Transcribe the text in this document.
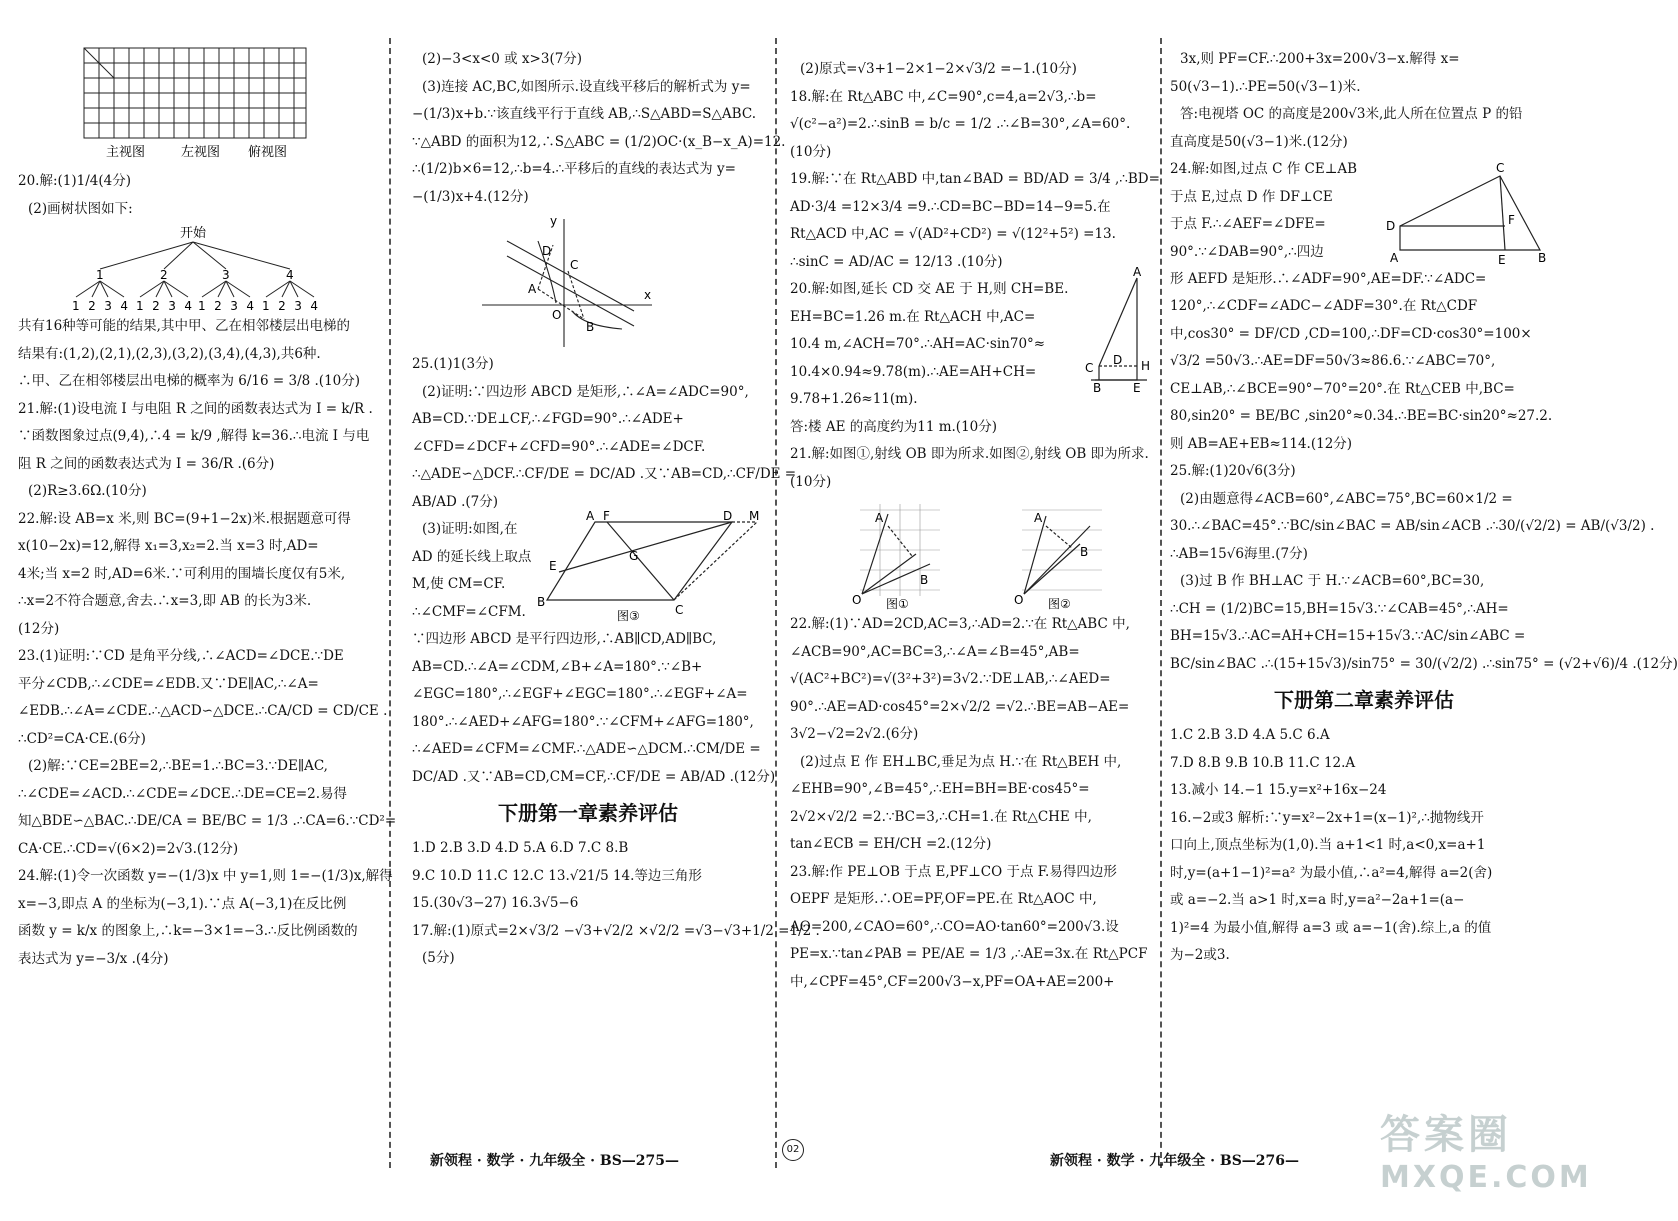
主视图	左视图 俯视图
20.解:(1)1/4(4分)
(2)画树状图如下:
开始
1	2	3	4
1 2 3 4 1 2 3 4 1 2 3 4 1 2 3 4
共有16种等可能的结果,其中甲、乙在相邻楼层出电梯的
结果有:(1,2),(2,1),(2,3),(3,2),(3,4),(4,3),共6种.
∴甲、乙在相邻楼层出电梯的概率为 6/16 = 3/8 .(10分)
21.解:(1)设电流 I 与电阻 R 之间的函数表达式为 I = k/R .
∵函数图象过点(9,4),∴4 = k/9 ,解得 k=36.∴电流 I 与电
阻 R 之间的函数表达式为 I = 36/R .(6分)
(2)R≥3.6Ω.(10分)
22.解:设 AB=x 米,则 BC=(9+1−2x)米.根据题意可得
x(10−2x)=12,解得 x₁=3,x₂=2.当 x=3 时,AD=
4米;当 x=2 时,AD=6米.∵可利用的围墙长度仅有5米,
∴x=2不符合题意,舍去.∴x=3,即 AB 的长为3米.
(12分)
23.(1)证明:∵CD 是角平分线,∴∠ACD=∠DCE.∵DE
平分∠CDB,∴∠CDE=∠EDB.又∵DE∥AC,∴∠A=
∠EDB.∴∠A=∠CDE.∴△ACD∽△DCE.∴CA/CD = CD/CE .
∴CD²=CA·CE.(6分)
(2)解:∵CE=2BE=2,∴BE=1.∴BC=3.∵DE∥AC,
∴∠CDE=∠ACD.∴∠CDE=∠DCE.∴DE=CE=2.易得
知△BDE∽△BAC.∴DE/CA = BE/BC = 1/3 .∴CA=6.∵CD²=
CA·CE.∴CD=√(6×2)=2√3.(12分)
24.解:(1)令一次函数 y=−(1/3)x 中 y=1,则 1=−(1/3)x,解得
x=−3,即点 A 的坐标为(−3,1).∵点 A(−3,1)在反比例
函数 y = k/x 的图象上,∴k=−3×1=−3.∴反比例函数的
表达式为 y=−3/x .(4分)
(2)−3<x<0 或 x>3(7分)
(3)连接 AC,BC,如图所示.设直线平移后的解析式为 y=
−(1/3)x+b.∵该直线平行于直线 AB,∴S△ABD=S△ABC.
∵△ABD 的面积为12,∴S△ABC = (1/2)OC·(x_B−x_A)=12.
∴(1/2)b×6=12,∴b=4.∴平移后的直线的表达式为 y=
−(1/3)x+4.(12分)
y
x
O
A
B
C
D
25.(1)1(3分)
(2)证明:∵四边形 ABCD 是矩形,∴∠A=∠ADC=90°,
AB=CD.∵DE⊥CF,∴∠FGD=90°.∴∠ADE+
∠CFD=∠DCF+∠CFD=90°.∴∠ADE=∠DCF.
∴△ADE∽△DCF.∴CF/DE = DC/AD .又∵AB=CD,∴CF/DE =
AB/AD .(7分)
(3)证明:如图,在
AD 的延长线上取点
M,使 CM=CF.
∴∠CMF=∠CFM.
A F	D M
E
G
B
C
图③
∵四边形 ABCD 是平行四边形,∴AB∥CD,AD∥BC,
AB=CD.∴∠A=∠CDM,∠B+∠A=180°.∵∠B+
∠EGC=180°,∴∠EGF+∠EGC=180°.∴∠EGF+∠A=
180°.∴∠AED+∠AFG=180°.∵∠CFM+∠AFG=180°,
∴∠AED=∠CFM=∠CMF.∴△ADE∽△DCM.∴CM/DE =
DC/AD .又∵AB=CD,CM=CF,∴CF/DE = AB/AD .(12分)
下册第一章素养评估
1.D 2.B 3.D 4.D 5.A 6.D 7.C 8.B
9.C 10.D 11.C 12.C 13.√21/5 14.等边三角形
15.(30√3−27) 16.3√5−6
17.解:(1)原式=2×√3/2 −√3+√2/2 ×√2/2 =√3−√3+1/2 =1/2 .
(5分)
(2)原式=√3+1−2×1−2×√3/2 =−1.(10分)
18.解:在 Rt△ABC 中,∠C=90°,c=4,a=2√3,∴b=
√(c²−a²)=2.∴sinB = b/c = 1/2 .∴∠B=30°,∠A=60°.
(10分)
19.解:∵在 Rt△ABD 中,tan∠BAD = BD/AD = 3/4 ,∴BD=
AD·3/4 =12×3/4 =9.∴CD=BC−BD=14−9=5.在
Rt△ACD 中,AC = √(AD²+CD²) = √(12²+5²) =13.
∴sinC = AD/AC = 12/13 .(10分)
20.解:如图,延长 CD 交 AE 于 H,则 CH=BE.
EH=BC=1.26 m.在 Rt△ACH 中,AC=
10.4 m,∠ACH=70°.∴AH=AC·sin70°≈
10.4×0.94≈9.78(m).∴AE=AH+CH=
9.78+1.26≈11(m).
答:楼 AE 的高度约为11 m.(10分)
A
C
D H
B	E
21.解:如图①,射线 OB 即为所求.如图②,射线 OB 即为所求.
(10分)
A
B
O 图①
A
B
O 图②
22.解:(1)∵AD=2CD,AC=3,∴AD=2.∵在 Rt△ABC 中,
∠ACB=90°,AC=BC=3,∴∠A=∠B=45°,AB=
√(AC²+BC²)=√(3²+3²)=3√2.∵DE⊥AB,∴∠AED=
90°.∴AE=AD·cos45°=2×√2/2 =√2.∴BE=AB−AE=
3√2−√2=2√2.(6分)
(2)过点 E 作 EH⊥BC,垂足为点 H.∵在 Rt△BEH 中,
∠EHB=90°,∠B=45°,∴EH=BH=BE·cos45°=
2√2×√2/2 =2.∵BC=3,∴CH=1.在 Rt△CHE 中,
tan∠ECB = EH/CH =2.(12分)
23.解:作 PE⊥OB 于点 E,PF⊥CO 于点 F.易得四边形
OEPF 是矩形.∴OE=PF,OF=PE.在 Rt△AOC 中,
AO=200,∠CAO=60°,∴CO=AO·tan60°=200√3.设
PE=x.∵tan∠PAB = PE/AE = 1/3 ,∴AE=3x.在 Rt△PCF
中,∠CPF=45°,CF=200√3−x,PF=OA+AE=200+
3x,则 PF=CF.∴200+3x=200√3−x.解得 x=
50(√3−1).∴PE=50(√3−1)米.
答:电视塔 OC 的高度是200√3米,此人所在位置点 P 的铅
直高度是50(√3−1)米.(12分)
24.解:如图,过点 C 作 CE⊥AB
于点 E,过点 D 作 DF⊥CE
于点 F.∴∠AEF=∠DFE=
90°.∵∠DAB=90°,∴四边
形 AEFD 是矩形.∴∠ADF=90°,AE=DF.∵∠ADC=
C
D	F
A	E	B
120°,∴∠CDF=∠ADC−∠ADF=30°.在 Rt△CDF
中,cos30° = DF/CD ,CD=100,∴DF=CD·cos30°=100×
√3/2 =50√3.∴AE=DF=50√3≈86.6.∵∠ABC=70°,
CE⊥AB,∴∠BCE=90°−70°=20°.在 Rt△CEB 中,BC=
80,sin20° = BE/BC ,sin20°≈0.34.∴BE=BC·sin20°≈27.2.
则 AB=AE+EB≈114.(12分)
25.解:(1)20√6(3分)
(2)由题意得∠ACB=60°,∠ABC=75°,BC=60×1/2 =
30.∴∠BAC=45°.∵BC/sin∠BAC = AB/sin∠ACB .∴30/(√2/2) = AB/(√3/2) .
∴AB=15√6海里.(7分)
(3)过 B 作 BH⊥AC 于 H.∵∠ACB=60°,BC=30,
∴CH = (1/2)BC=15,BH=15√3.∵∠CAB=45°,∴AH=
BH=15√3.∴AC=AH+CH=15+15√3.∵AC/sin∠ABC =
BC/sin∠BAC .∴(15+15√3)/sin75° = 30/(√2/2) .∴sin75° = (√2+√6)/4 .(12分)
下册第二章素养评估
1.C 2.B 3.D 4.A 5.C 6.A
7.D 8.B 9.B 10.B 11.C 12.A
13.减小 14.−1 15.y=x²+16x−24
16.−2或3 解析:∵y=x²−2x+1=(x−1)²,∴抛物线开
口向上,顶点坐标为(1,0).当 a+1<1 时,a<0,x=a+1
时,y=(a+1−1)²=a² 为最小值,∴a²=4,解得 a=2(舍)
或 a=−2.当 a>1 时,x=a 时,y=a²−2a+1=(a−
1)²=4 为最小值,解得 a=3 或 a=−1(舍).综上,a 的值
为−2或3.
新领程 · 数学 · 九年级全 · BS—275—
02
新领程 · 数学 · 九年级全 · BS—276—
答案圈
MXQE.COM
